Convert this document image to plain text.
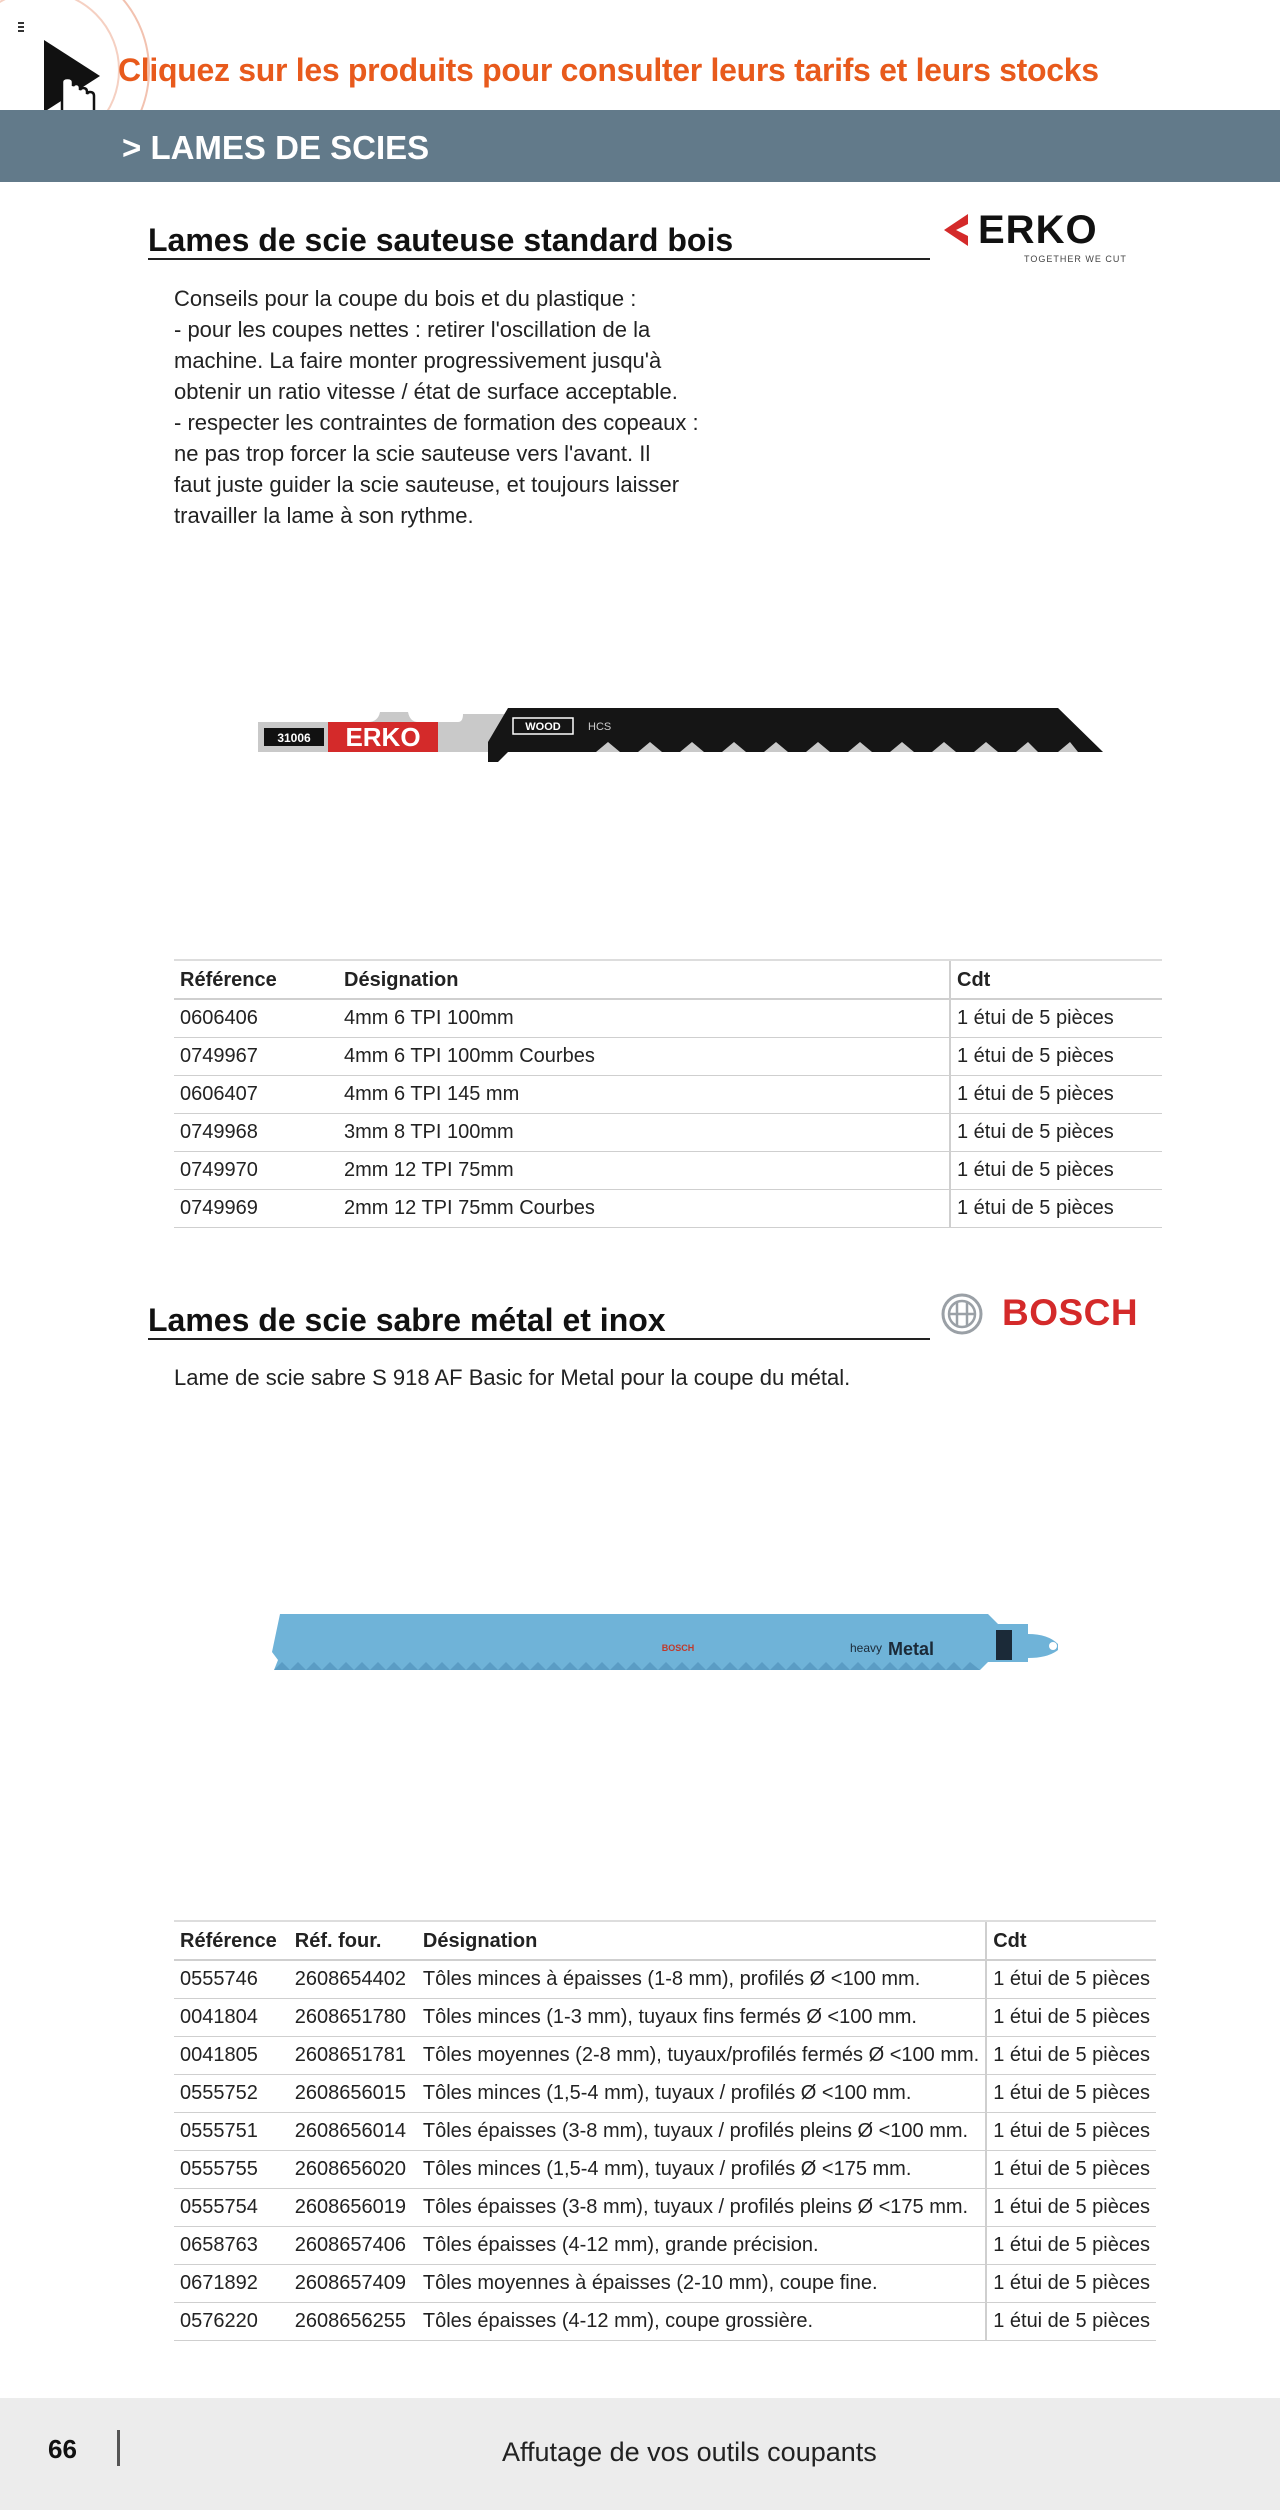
Cliquez sur les produits pour consulter leurs tarifs et leurs stocks
> LAMES DE SCIES
Lames de scie sauteuse standard bois	ERKO
TOGETHER WE CUT
Conseils pour la coupe du bois et du plastique :
- pour les coupes nettes : retirer l'oscillation de la
machine. La faire monter progressivement jusqu'à
obtenir un ratio vitesse / état de surface acceptable.
- respecter les contraintes de formation des copeaux :
ne pas trop forcer la scie sauteuse vers l'avant. Il
faut juste guider la scie sauteuse, et toujours laisser
travailler la lame à son rythme.
31006 ERKO	WOOD HCS
Référence	Désignation	Cdt
0606406	4mm 6 TPI 100mm	1 étui de 5 pièces
0749967	4mm 6 TPI 100mm Courbes	1 étui de 5 pièces
0606407	4mm 6 TPI 145 mm	1 étui de 5 pièces
0749968	3mm 8 TPI 100mm	1 étui de 5 pièces
0749970	2mm 12 TPI 75mm	1 étui de 5 pièces
0749969	2mm 12 TPI 75mm Courbes	1 étui de 5 pièces
Lames de scie sabre métal et inox	BOSCH
Lame de scie sabre S 918 AF Basic for Metal pour la coupe du métal.
BOSCH	heavy Metal
Référence	Réf. four.	Désignation	Cdt
0555746	2608654402	Tôles minces à épaisses (1-8 mm), profilés Ø <100 mm.	1 étui de 5 pièces
0041804	2608651780	Tôles minces (1-3 mm), tuyaux fins fermés Ø <100 mm.	1 étui de 5 pièces
0041805	2608651781	Tôles moyennes (2-8 mm), tuyaux/profilés fermés Ø <100 mm.	1 étui de 5 pièces
0555752	2608656015	Tôles minces (1,5-4 mm), tuyaux / profilés Ø <100 mm.	1 étui de 5 pièces
0555751	2608656014	Tôles épaisses (3-8 mm), tuyaux / profilés pleins Ø <100 mm.	1 étui de 5 pièces
0555755	2608656020	Tôles minces (1,5-4 mm), tuyaux / profilés Ø <175 mm.	1 étui de 5 pièces
0555754	2608656019	Tôles épaisses (3-8 mm), tuyaux / profilés pleins Ø <175 mm.	1 étui de 5 pièces
0658763	2608657406	Tôles épaisses (4-12 mm), grande précision.	1 étui de 5 pièces
0671892	2608657409	Tôles moyennes à épaisses (2-10 mm), coupe fine.	1 étui de 5 pièces
0576220	2608656255	Tôles épaisses (4-12 mm), coupe grossière.	1 étui de 5 pièces
66	Affutage de vos outils coupants
